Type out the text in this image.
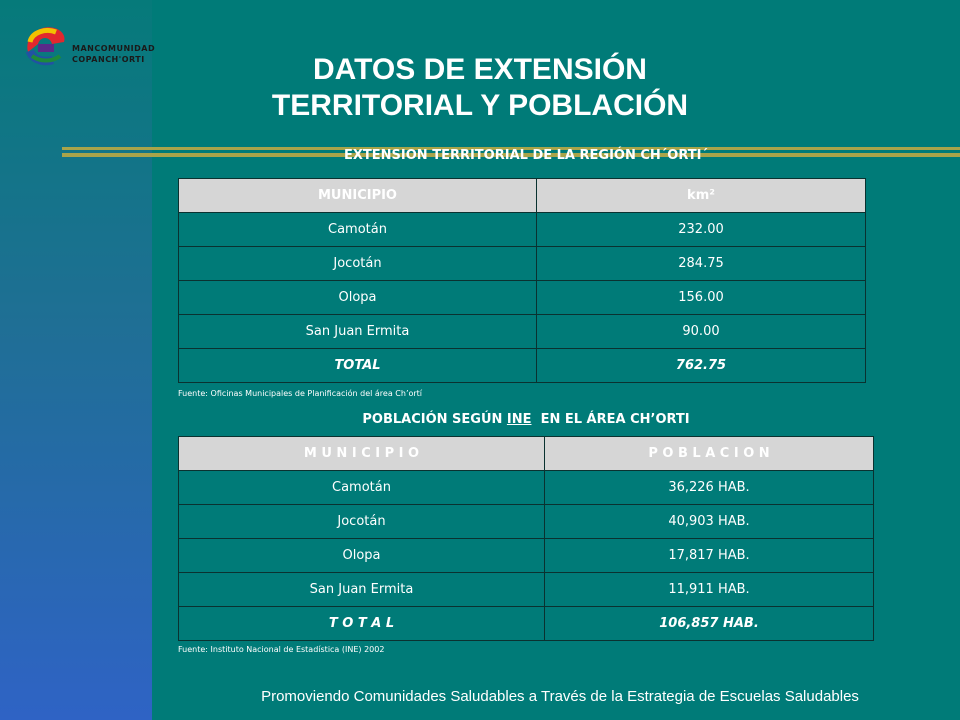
MANCOMUNIDAD
COPANCH'ORTI	DATOS DE EXTENSIÓN
TERRITORIAL Y POBLACIÓN
EXTENSION TERRITORIAL DE LA REGIÓN CH´ORTI´
MUNICIPIO	km²
Camotán	232.00
Jocotán	284.75
Olopa	156.00
San Juan Ermita	90.00
TOTAL	762.75
Fuente: Oficinas Municipales de Planificación del área Ch’ortí
POBLACIÓN SEGÚN INE  EN EL ÁREA CH’ORTI
M U N I C I P I O	P O B L A C I O N
Camotán	36,226 HAB.
Jocotán	40,903 HAB.
Olopa	17,817 HAB.
San Juan Ermita	11,911 HAB.
T O T A L	106,857 HAB.
Fuente: Instituto Nacional de Estadística (INE) 2002
Promoviendo Comunidades Saludables a Través de la Estrategia de Escuelas Saludables
